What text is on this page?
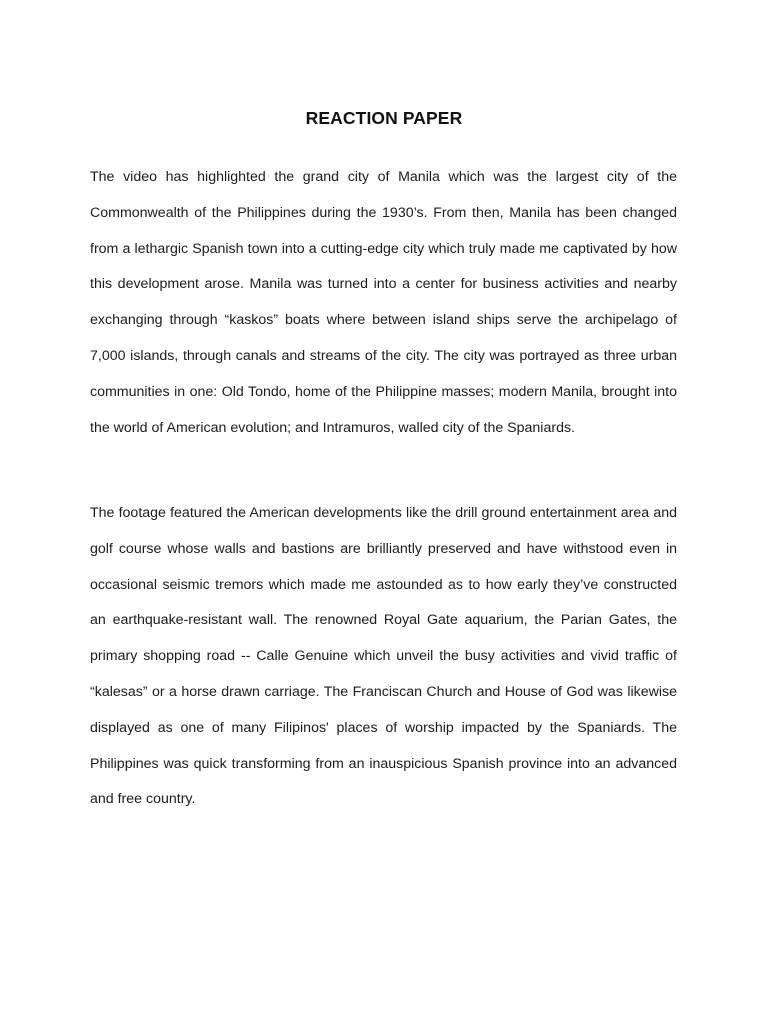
REACTION PAPER

The video has highlighted the grand city of Manila which was the largest city of the Commonwealth of the Philippines during the 1930’s. From then, Manila has been changed from a lethargic Spanish town into a cutting-edge city which truly made me captivated by how this development arose. Manila was turned into a center for business activities and nearby exchanging through “kaskos” boats where between island ships serve the archipelago of 7,000 islands, through canals and streams of the city. The city was portrayed as three urban communities in one: Old Tondo, home of the Philippine masses; modern Manila, brought into the world of American evolution; and Intramuros, walled city of the Spaniards.

The footage featured the American developments like the drill ground entertainment area and golf course whose walls and bastions are brilliantly preserved and have withstood even in occasional seismic tremors which made me astounded as to how early they’ve constructed an earthquake-resistant wall. The renowned Royal Gate aquarium, the Parian Gates, the primary shopping road -- Calle Genuine which unveil the busy activities and vivid traffic of “kalesas” or a horse drawn carriage. The Franciscan Church and House of God was likewise displayed as one of many Filipinos' places of worship impacted by the Spaniards. The Philippines was quick transforming from an inauspicious Spanish province into an advanced and free country.
